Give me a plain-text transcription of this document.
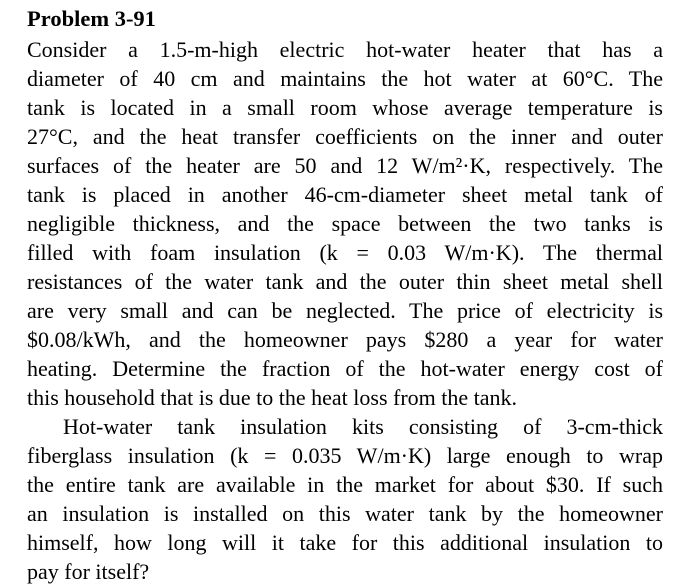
Problem 3-91
Consider a 1.5-m-high electric hot-water heater that has a
diameter of 40 cm and maintains the hot water at 60°C. The
tank is located in a small room whose average temperature is
27°C, and the heat transfer coefficients on the inner and outer
surfaces of the heater are 50 and 12 W/m²·K, respectively. The
tank is placed in another 46-cm-diameter sheet metal tank of
negligible thickness, and the space between the two tanks is
filled with foam insulation (k = 0.03 W/m·K). The thermal
resistances of the water tank and the outer thin sheet metal shell
are very small and can be neglected. The price of electricity is
$0.08/kWh, and the homeowner pays $280 a year for water
heating. Determine the fraction of the hot-water energy cost of
this household that is due to the heat loss from the tank.
Hot-water tank insulation kits consisting of 3-cm-thick
fiberglass insulation (k = 0.035 W/m·K) large enough to wrap
the entire tank are available in the market for about $30. If such
an insulation is installed on this water tank by the homeowner
himself, how long will it take for this additional insulation to
pay for itself?
